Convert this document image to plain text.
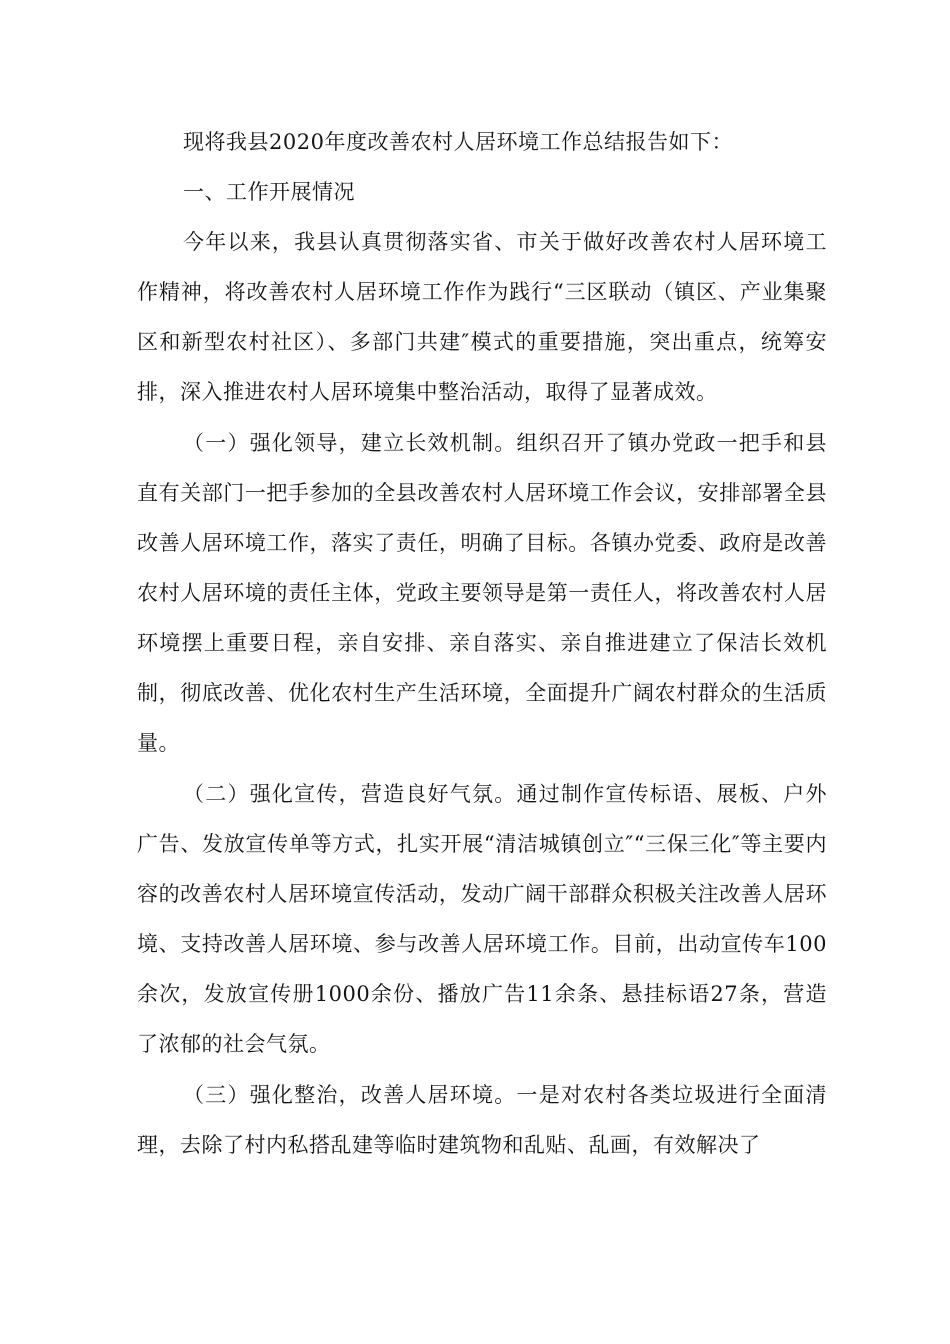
现将我县2020年度改善农村人居环境工作总结报告如下：

一、工作开展情况

今年以来，我县认真贯彻落实省、市关于做好改善农村人居环境工作精神，将改善农村人居环境工作作为践行“三区联动（镇区、产业集聚区和新型农村社区）、多部门共建″模式的重要措施，突出重点，统筹安排，深入推进农村人居环境集中整治活动，取得了显著成效。

（一）强化领导，建立长效机制。组织召开了镇办党政一把手和县直有关部门一把手参加的全县改善农村人居环境工作会议，安排部署全县改善人居环境工作，落实了责任，明确了目标。各镇办党委、政府是改善农村人居环境的责任主体，党政主要领导是第一责任人，将改善农村人居环境摆上重要日程，亲自安排、亲自落实、亲自推进建立了保洁长效机制，彻底改善、优化农村生产生活环境，全面提升广阔农村群众的生活质量。

（二）强化宣传，营造良好气氛。通过制作宣传标语、展板、户外广告、发放宣传单等方式，扎实开展“清洁城镇创立″“三保三化″等主要内容的改善农村人居环境宣传活动，发动广阔干部群众积极关注改善人居环境、支持改善人居环境、参与改善人居环境工作。目前，出动宣传车100余次，发放宣传册1000余份、播放广告11余条、悬挂标语27条，营造了浓郁的社会气氛。

（三）强化整治，改善人居环境。一是对农村各类垃圾进行全面清理，去除了村内私搭乱建等临时建筑物和乱贴、乱画，有效解决了
